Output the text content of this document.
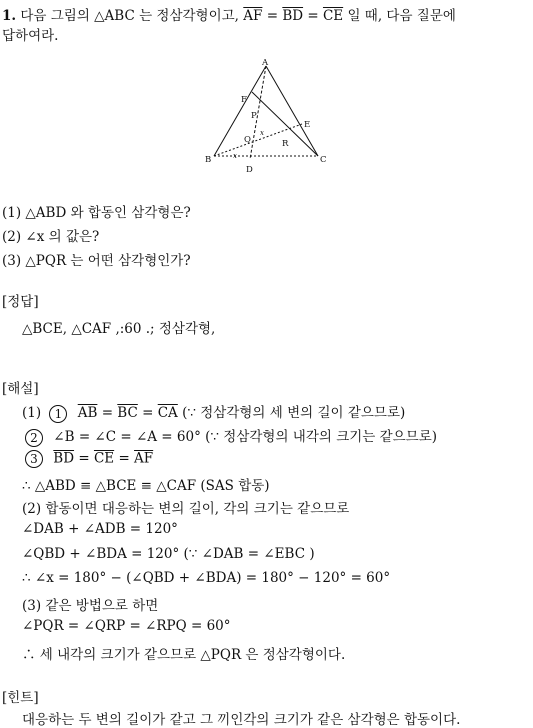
1. 다음 그림의 △ABC 는 정삼각형이고, $\overline{AF} = \overline{BD} = \overline{CE}$ 일 때, 다음 질문에
답하여라.
A
B	C
D
E
F
P
Q	R
x
x
(1) △ABD 와 합동인 삼각형은?
(2) ∠x 의 값은?
(3) △PQR 는 어떤 삼각형인가?
[정답]
△BCE, △CAF ,:60 .; 정삼각형,
[해설]
(1) 1 $\overline{AB} = \overline{BC} = \overline{CA}$ (∵ 정삼각형의 세 변의 길이 같으므로)
2 ∠B = ∠C = ∠A = 60° (∵ 정삼각형의 내각의 크기는 같으므로)
3 $\overline{BD} = \overline{CE} = \overline{AF}$
∴ △ABD ≡ △BCE ≡ △CAF (SAS 합동)
(2) 합동이면 대응하는 변의 길이, 각의 크기는 같으므로
∠DAB + ∠ADB = 120°
∠QBD + ∠BDA = 120° (∵ ∠DAB = ∠EBC )
∴ ∠x = 180° − (∠QBD + ∠BDA) = 180° − 120° = 60°
(3) 같은 방법으로 하면
∠PQR = ∠QRP = ∠RPQ = 60°
∴ 세 내각의 크기가 같으므로 △PQR 은 정삼각형이다.
[힌트]
대응하는 두 변의 길이가 같고 그 끼인각의 크기가 같은 삼각형은 합동이다.
